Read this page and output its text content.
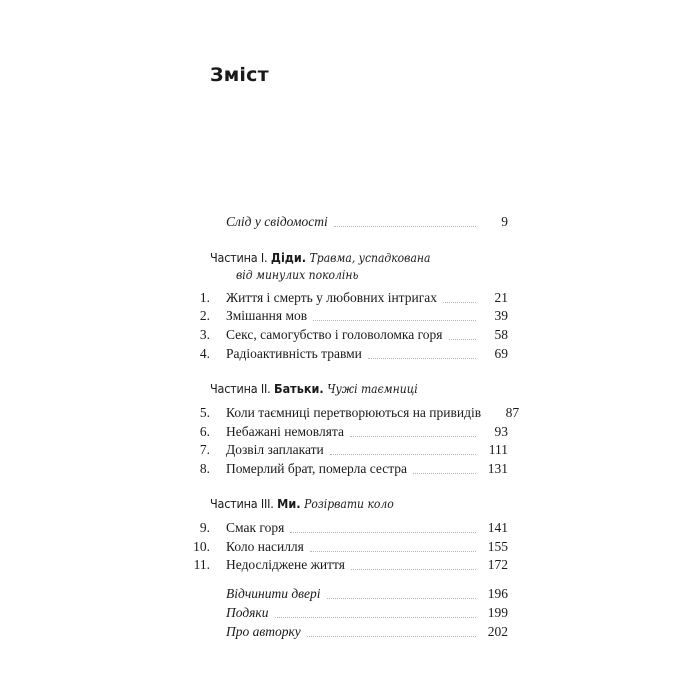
Зміст
Слід у свідомості	9
Частина І. Діди. Травма, успадкована
від минулих поколінь
1. Життя і смерть у любовних інтригах	21
2. Змішання мов	39
3. Секс, самогубство і головоломка горя	58
4. Радіоактивність травми	69
Частина ІІ. Батьки. Чужі таємниці
5. Коли таємниці перетворюються на привидів	87
6. Небажані немовлята	93
7. Дозвіл заплакати	111
8. Померлий брат, померла сестра	131
Частина ІІІ. Ми. Розірвати коло
9. Смак горя	141
10. Коло насилля	155
11. Недосліджене життя	172
Відчинити двері	196
Подяки	199
Про авторку	202
